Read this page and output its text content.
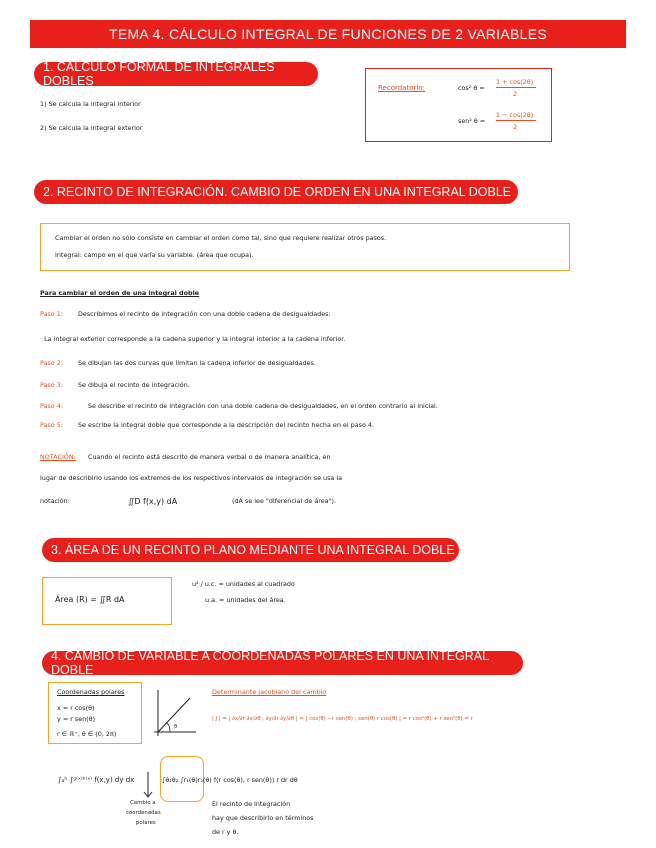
TEMA 4. CÁLCULO INTEGRAL DE FUNCIONES DE 2 VARIABLES
1. CÁLCULO FORMAL DE INTEGRALES DOBLES
1) Se calcula la integral interior
2) Se calcula la integral exterior
Recordatorio:	cos² θ =
1 + cos(2θ)
2
sen² θ =
1 − cos(2θ)
2
2. RECINTO DE INTEGRACIÓN. CAMBIO DE ORDEN EN UNA INTEGRAL DOBLE
Cambiar el orden no sólo consiste en cambiar el orden como tal, sino que requiere realizar otros pasos.
Integral: campo en el que varía su variable. (área que ocupa).
Para cambiar el orden de una integral doble
Paso 1: Describimos el recinto de integración con una doble cadena de desigualdades:
· La integral exterior corresponde a la cadena superior y la integral interior a la cadena inferior.
Paso 2: Se dibujan las dos curvas que limitan la cadena inferior de desigualdades.
Paso 3: Se dibuja el recinto de integración.
Paso 4:	Se describe el recinto de integración con una doble cadena de desigualdades, en el orden contrario al inicial.
Paso 5: Se escribe la integral doble que corresponde a la descripción del recinto hecha en el paso 4.
NOTACIÓN: Cuando el recinto está descrito de manera verbal o de manera analítica, en
lugar de describirlo usando los extremos de los respectivos intervalos de integración se usa la
notación:	∬D f(x,y) dA	(dA se lee "diferencial de área").
3. ÁREA DE UN RECINTO PLANO MEDIANTE UNA INTEGRAL DOBLE
Área (R) = ∬R dA
u² / u.c. = unidades al cuadrado
u.a. = unidades del área.
4. CAMBIO DE VARIABLE A COORDENADAS POLARES EN UNA INTEGRAL DOBLE
Coordenadas polares
x = r cos(θ)
y = r sen(θ)
r ∈ ℝ⁺, θ ∈ (0, 2π)
θ
Determinante jacobiano del cambio
| J | = | ∂x/∂r ∂x/∂θ ; ∂y/∂r ∂y/∂θ | = | cos(θ) −r sen(θ) ; sen(θ) r cos(θ) | = r cos²(θ) + r sen²(θ) = r
∫ₐᵇ ∫ᵍ⁽ˣ⁾ʰ⁽ˣ⁾ f(x,y) dy dx
Cambio a
coordenadas
polares
∫θ₁θ₂ ∫r₁(θ)r₂(θ) f(r cos(θ), r sen(θ)) r dr dθ
El recinto de integración
hay que describirlo en términos
de r y θ.
